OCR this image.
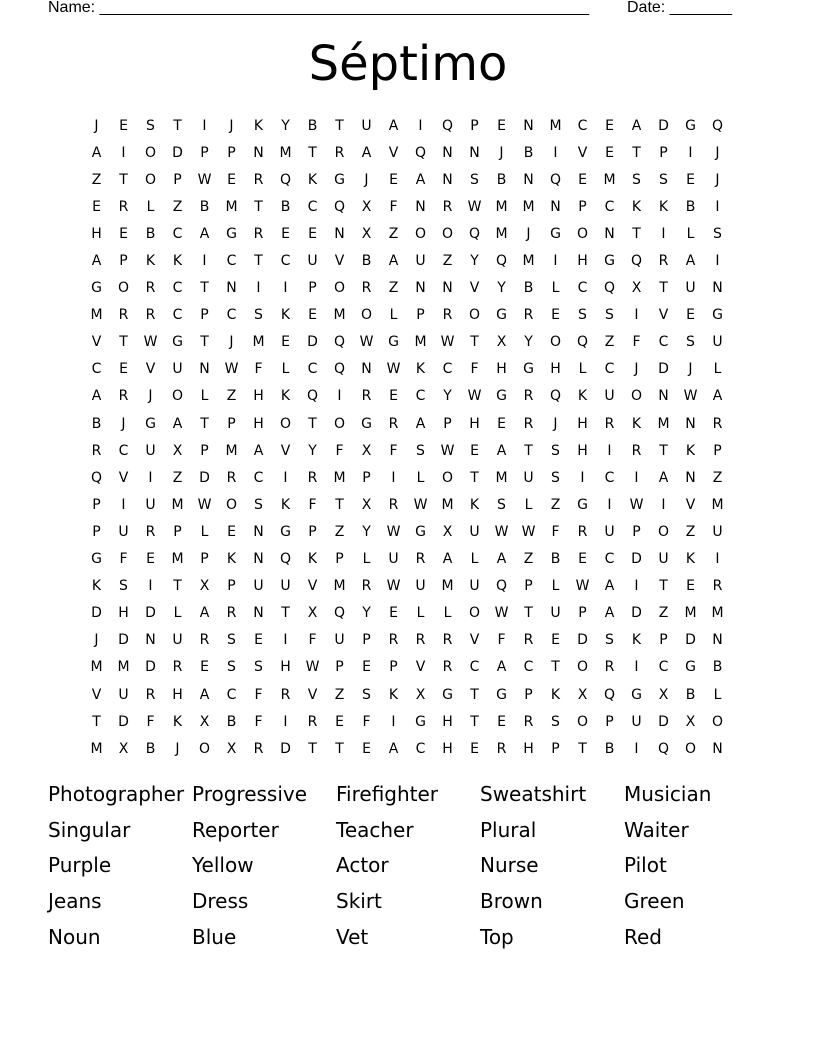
Name: _______________________________________________________ Date: _______
Séptimo
J	E	S	T	I	J	K	Y	B	T	U	A	I	Q	P	E	N	M	C	E	A	D	G	Q
A	I	O	D	P	P	N	M	T	R	A	V	Q	N	N	J	B	I	V	E	T	P	I	J
Z	T	O	P	W	E	R	Q	K	G	J	E	A	N	S	B	N	Q	E	M	S	S	E	J
E	R	L	Z	B	M	T	B	C	Q	X	F	N	R	W	M	M	N	P	C	K	K	B	I
H	E	B	C	A	G	R	E	E	N	X	Z	O	O	Q	M	J	G	O	N	T	I	L	S
A	P	K	K	I	C	T	C	U	V	B	A	U	Z	Y	Q	M	I	H	G	Q	R	A	I
G	O	R	C	T	N	I	I	P	O	R	Z	N	N	V	Y	B	L	C	Q	X	T	U	N
M	R	R	C	P	C	S	K	E	M	O	L	P	R	O	G	R	E	S	S	I	V	E	G
V	T	W	G	T	J	M	E	D	Q	W	G	M	W	T	X	Y	O	Q	Z	F	C	S	U
C	E	V	U	N	W	F	L	C	Q	N	W	K	C	F	H	G	H	L	C	J	D	J	L
A	R	J	O	L	Z	H	K	Q	I	R	E	C	Y	W	G	R	Q	K	U	O	N	W	A
B	J	G	A	T	P	H	O	T	O	G	R	A	P	H	E	R	J	H	R	K	M	N	R
R	C	U	X	P	M	A	V	Y	F	X	F	S	W	E	A	T	S	H	I	R	T	K	P
Q	V	I	Z	D	R	C	I	R	M	P	I	L	O	T	M	U	S	I	C	I	A	N	Z
P	I	U	M	W	O	S	K	F	T	X	R	W	M	K	S	L	Z	G	I	W	I	V	M
P	U	R	P	L	E	N	G	P	Z	Y	W	G	X	U	W W	F	R	U	P	O	Z	U
G	F	E	M	P	K	N	Q	K	P	L	U	R	A	L	A	Z	B	E	C	D	U	K	I
K	S	I	T	X	P	U	U	V	M	R	W	U	M	U	Q	P	L	W	A	I	T	E	R
D	H	D	L	A	R	N	T	X	Q	Y	E	L	L	O	W	T	U	P	A	D	Z	M	M
J	D	N	U	R	S	E	I	F	U	P	R	R	R	V	F	R	E	D	S	K	P	D	N
M	M	D	R	E	S	S	H	W	P	E	P	V	R	C	A	C	T	O	R	I	C	G	B
V	U	R	H	A	C	F	R	V	Z	S	K	X	G	T	G	P	K	X	Q	G	X	B	L
T	D	F	K	X	B	F	I	R	E	F	I	G	H	T	E	R	S	O	P	U	D	X	O
M	X	B	J	O	X	R	D	T	T	E	A	C	H	E	R	H	P	T	B	I	Q	O	N
Photographer Progressive	Firefighter	Sweatshirt	Musician
Singular	Reporter	Teacher	Plural	Waiter
Purple	Yellow	Actor	Nurse	Pilot
Jeans	Dress	Skirt	Brown	Green
Noun	Blue	Vet	Top	Red
